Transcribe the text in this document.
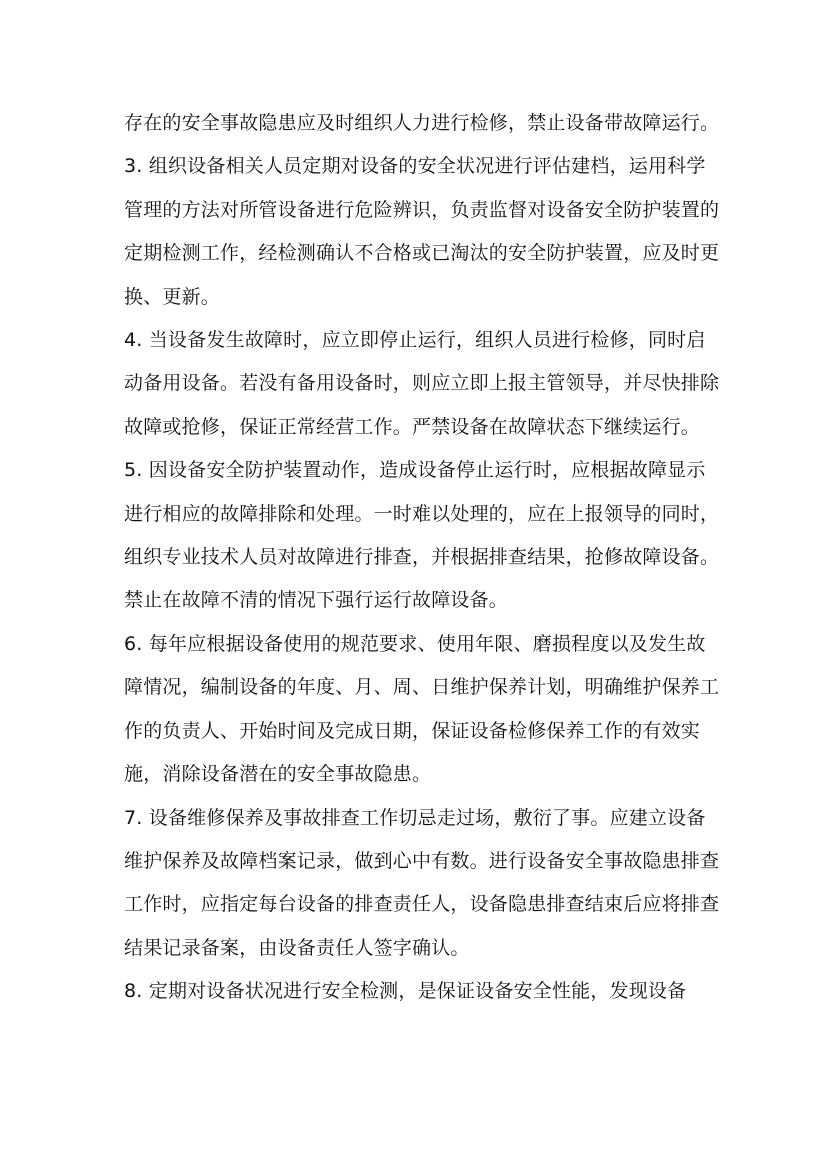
存在的安全事故隐患应及时组织人力进行检修，禁止设备带故障运行。

3. 组织设备相关人员定期对设备的安全状况进行评估建档，运用科学管理的方法对所管设备进行危险辨识，负责监督对设备安全防护装置的定期检测工作，经检测确认不合格或已淘汰的安全防护装置，应及时更换、更新。

4. 当设备发生故障时，应立即停止运行，组织人员进行检修，同时启动备用设备。若没有备用设备时，则应立即上报主管领导，并尽快排除故障或抢修，保证正常经营工作。严禁设备在故障状态下继续运行。

5. 因设备安全防护装置动作，造成设备停止运行时，应根据故障显示进行相应的故障排除和处理。一时难以处理的，应在上报领导的同时，组织专业技术人员对故障进行排查，并根据排查结果，抢修故障设备。禁止在故障不清的情况下强行运行故障设备。

6. 每年应根据设备使用的规范要求、使用年限、磨损程度以及发生故障情况，编制设备的年度、月、周、日维护保养计划，明确维护保养工作的负责人、开始时间及完成日期，保证设备检修保养工作的有效实施，消除设备潜在的安全事故隐患。

7. 设备维修保养及事故排查工作切忌走过场，敷衍了事。应建立设备维护保养及故障档案记录，做到心中有数。进行设备安全事故隐患排查工作时，应指定每台设备的排查责任人，设备隐患排查结束后应将排查结果记录备案，由设备责任人签字确认。

8. 定期对设备状况进行安全检测，是保证设备安全性能，发现设备
